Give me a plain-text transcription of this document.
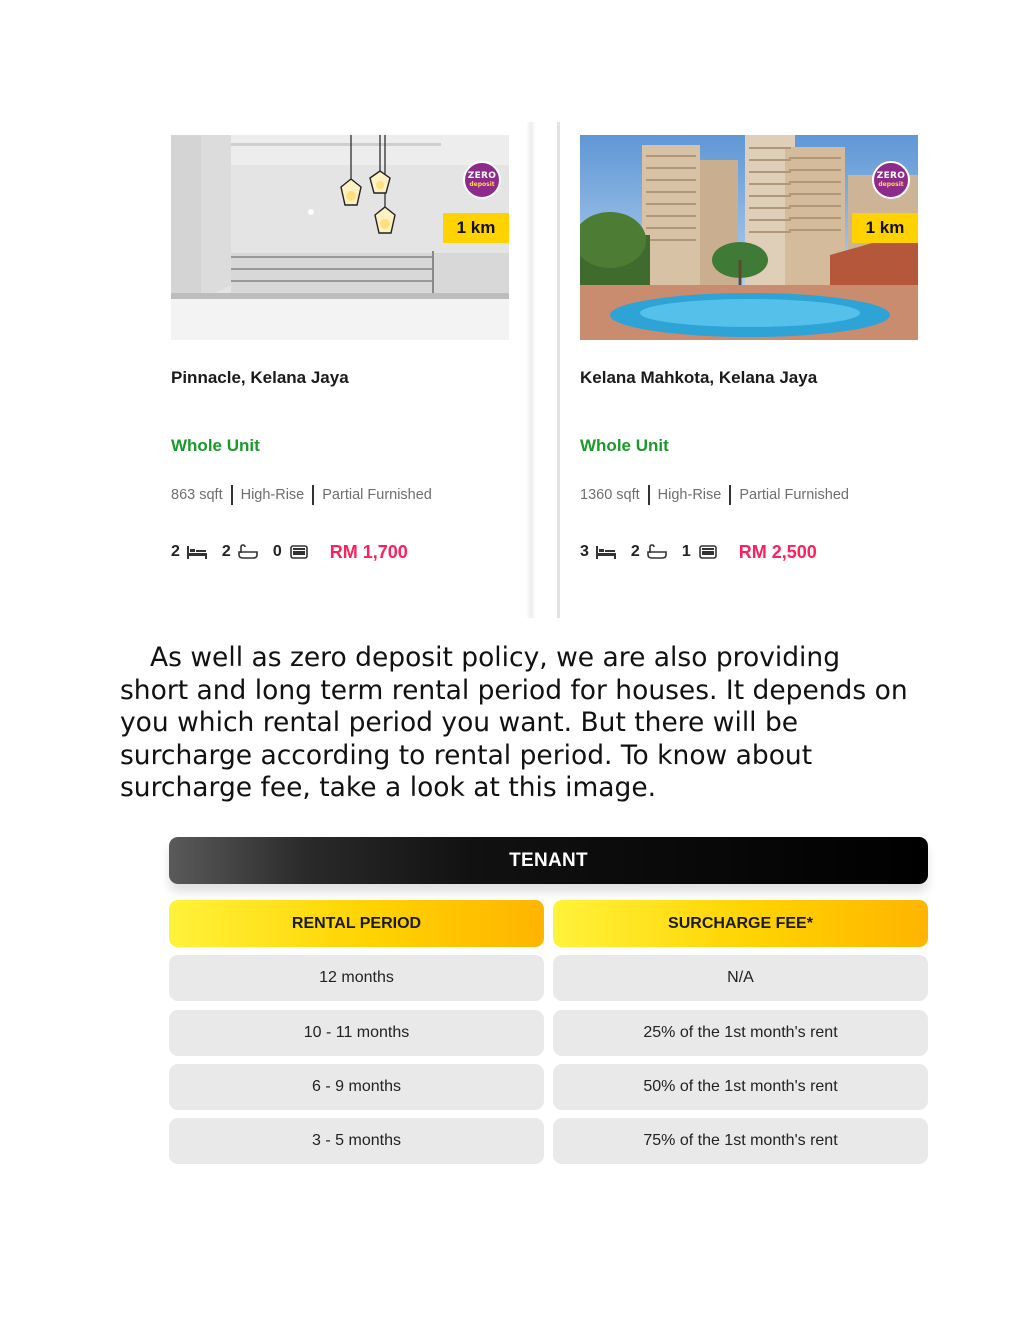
ZERO
deposit
1 km
Pinnacle, Kelana Jaya
Whole Unit
863 sqft High-Rise Partial Furnished
2	2	0	RM 1,700
ZERO
deposit
1 km
Kelana Mahkota, Kelana Jaya
Whole Unit
1360 sqft High-Rise Partial Furnished
3	2	1	RM 2,500

As well as zero deposit policy, we are also providing short and long term rental period for houses. It depends on you which rental period you want. But there will be surcharge according to rental period. To know about surcharge fee, take a look at this image.

TENANT
RENTAL PERIOD	SURCHARGE FEE*
12 months	N/A
10 - 11 months	25% of the 1st month's rent
6 - 9 months	50% of the 1st month's rent
3 - 5 months	75% of the 1st month's rent
